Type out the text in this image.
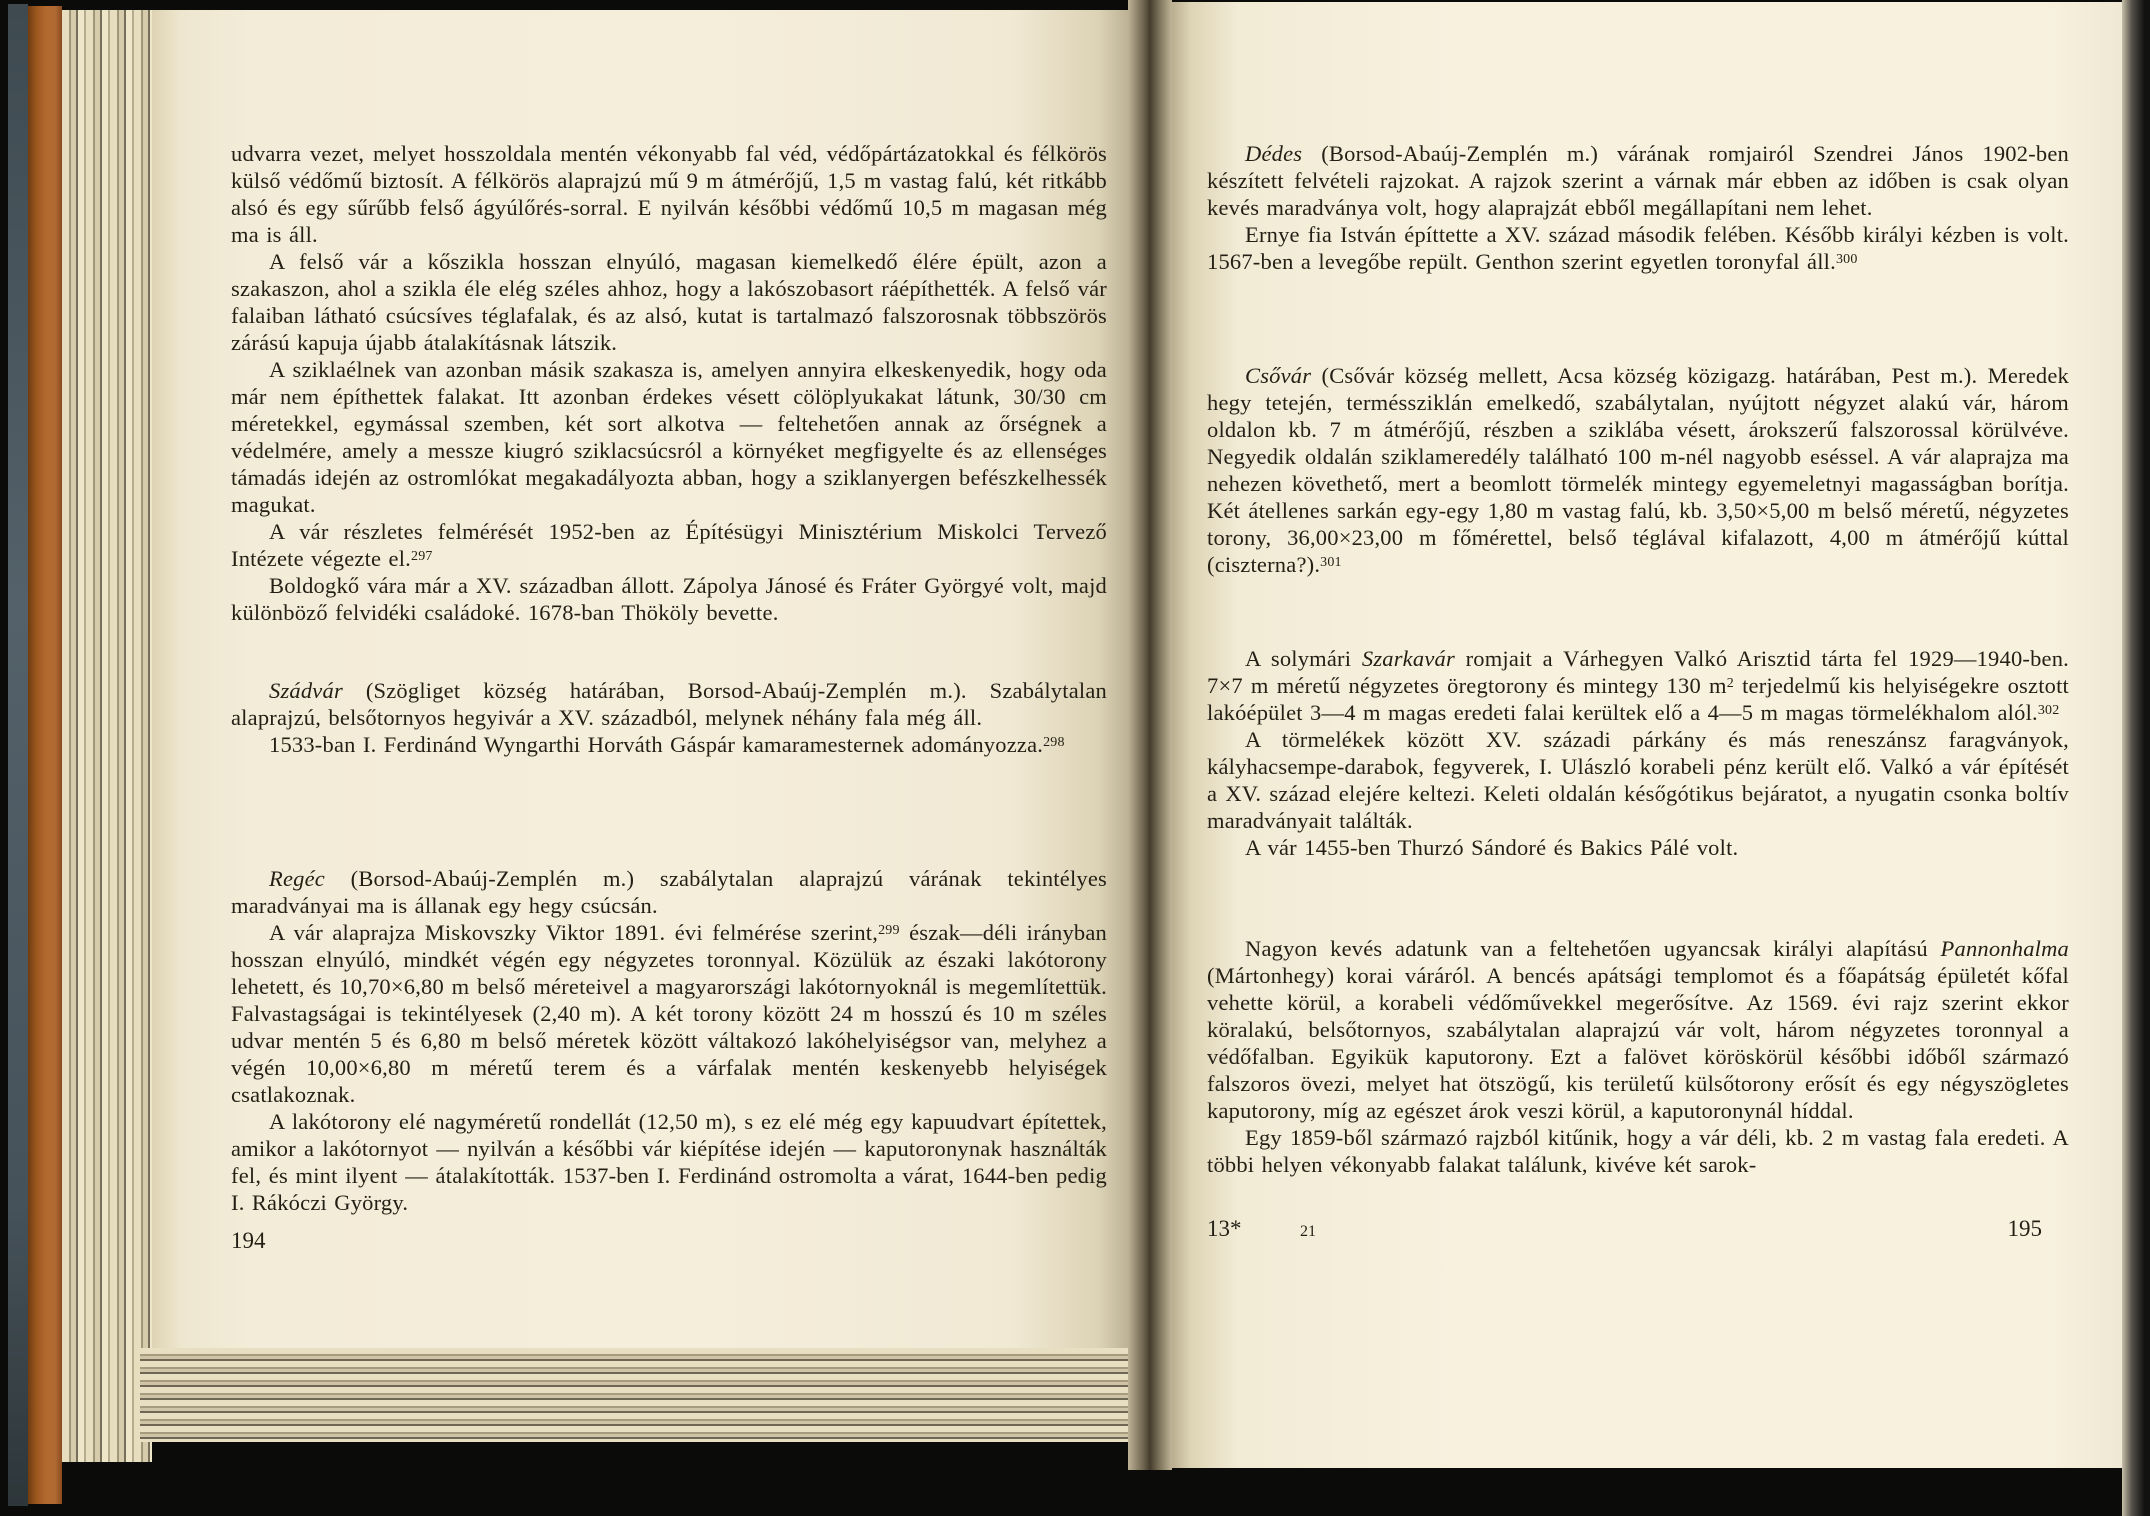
udvarra vezet, melyet hosszoldala mentén vékonyabb fal véd, védőpártázatokkal és félkörös külső védőmű biztosít. A félkörös alaprajzú mű 9 m átmérőjű, 1,5 m vastag falú, két ritkább alsó és egy sűrűbb felső ágyúlőrés-sorral. E nyilván későbbi védőmű 10,5 m magasan még ma is áll.

A felső vár a kőszikla hosszan elnyúló, magasan kiemelkedő élére épült, azon a szakaszon, ahol a szikla éle elég széles ahhoz, hogy a lakószobasort ráépíthették. A felső vár falaiban látható csúcsíves téglafalak, és az alsó, kutat is tartalmazó falszorosnak többszörös zárású kapuja újabb átalakításnak látszik.

A sziklaélnek van azonban másik szakasza is, amelyen annyira elkeskenyedik, hogy oda már nem építhettek falakat. Itt azonban érdekes vésett cölöplyukakat látunk, 30/30 cm méretekkel, egymással szemben, két sort alkotva — feltehetően annak az őrségnek a védelmére, amely a messze kiugró sziklacsúcsról a környéket megfigyelte és az ellenséges támadás idején az ostromlókat megakadályozta abban, hogy a sziklanyergen befészkelhessék magukat.

A vár részletes felmérését 1952-ben az Építésügyi Minisztérium Miskolci Tervező Intézete végezte el.$^{297}$

Boldogkő vára már a XV. században állott. Zápolya Jánosé és Fráter Györgyé volt, majd különböző felvidéki családoké. 1678-ban Thököly bevette.

Szádvár (Szögliget község határában, Borsod-Abaúj-Zemplén m.). Szabálytalan alaprajzú, belsőtornyos hegyivár a XV. századból, melynek néhány fala még áll.

1533-ban I. Ferdinánd Wyngarthi Horváth Gáspár kamaramesternek adományozza.$^{298}$

Regéc (Borsod-Abaúj-Zemplén m.) szabálytalan alaprajzú várának tekintélyes maradványai ma is állanak egy hegy csúcsán.

A vár alaprajza Miskovszky Viktor 1891. évi felmérése szerint,$^{299}$ észak—déli irányban hosszan elnyúló, mindkét végén egy négyzetes toronnyal. Közülük az északi lakótorony lehetett, és 10,70×6,80 m belső méreteivel a magyarországi lakótornyoknál is megemlítettük. Falvastagságai is tekintélyesek (2,40 m). A két torony között 24 m hosszú és 10 m széles udvar mentén 5 és 6,80 m belső méretek között váltakozó lakóhelyiségsor van, melyhez a végén 10,00×6,80 m méretű terem és a várfalak mentén keskenyebb helyiségek csatlakoznak.

A lakótorony elé nagyméretű rondellát (12,50 m), s ez elé még egy kapuudvart építettek, amikor a lakótornyot — nyilván a későbbi vár kiépítése idején — kaputoronynak használták fel, és mint ilyent — átalakították. 1537-ben I. Ferdinánd ostromolta a várat, 1644-ben pedig I. Rákóczi György.

194

Dédes (Borsod-Abaúj-Zemplén m.) várának romjairól Szendrei János 1902-ben készített felvételi rajzokat. A rajzok szerint a várnak már ebben az időben is csak olyan kevés maradványa volt, hogy alaprajzát ebből megállapítani nem lehet.

Ernye fia István építtette a XV. század második felében. Később királyi kézben is volt. 1567-ben a levegőbe repült. Genthon szerint egyetlen toronyfal áll.$^{300}$

Csővár (Csővár község mellett, Acsa község közigazg. határában, Pest m.). Meredek hegy tetején, terméssziklán emelkedő, szabálytalan, nyújtott négyzet alakú vár, három oldalon kb. 7 m átmérőjű, részben a sziklába vésett, árokszerű falszorossal körülvéve. Negyedik oldalán sziklameredély található 100 m-nél nagyobb eséssel. A vár alaprajza ma nehezen követhető, mert a beomlott törmelék mintegy egyemeletnyi magasságban borítja. Két átellenes sarkán egy-egy 1,80 m vastag falú, kb. 3,50×5,00 m belső méretű, négyzetes torony, 36,00×23,00 m főmérettel, belső téglával kifalazott, 4,00 m átmérőjű kúttal (ciszterna?).$^{301}$

A solymári Szarkavár romjait a Várhegyen Valkó Arisztid tárta fel 1929—1940-ben. 7×7 m méretű négyzetes öregtorony és mintegy 130 $m^2$ terjedelmű kis helyiségekre osztott lakóépület 3—4 m magas eredeti falai kerültek elő a 4—5 m magas törmelékhalom alól.$^{302}$

A törmelékek között XV. századi párkány és más reneszánsz faragványok, kályhacsempe-darabok, fegyverek, I. Ulászló korabeli pénz került elő. Valkó a vár építését a XV. század elejére keltezi. Keleti oldalán későgótikus bejáratot, a nyugatin csonka boltív maradványait találták.

A vár 1455-ben Thurzó Sándoré és Bakics Pálé volt.

Nagyon kevés adatunk van a feltehetően ugyancsak királyi alapítású Pannonhalma (Mártonhegy) korai váráról. A bencés apátsági templomot és a főapátság épületét kőfal vehette körül, a korabeli védőművekkel megerősítve. Az 1569. évi rajz szerint ekkor köralakú, belsőtornyos, szabálytalan alaprajzú vár volt, három négyzetes toronnyal a védőfalban. Egyikük kaputorony. Ezt a falövet köröskörül későbbi időből származó falszoros övezi, melyet hat ötszögű, kis területű külsőtorony erősít és egy négyszögletes kaputorony, míg az egészet árok veszi körül, a kaputoronynál híddal.

Egy 1859-ből származó rajzból kitűnik, hogy a vár déli, kb. 2 m vastag fala eredeti. A többi helyen vékonyabb falakat találunk, kivéve két sarok-

13*	21	195
